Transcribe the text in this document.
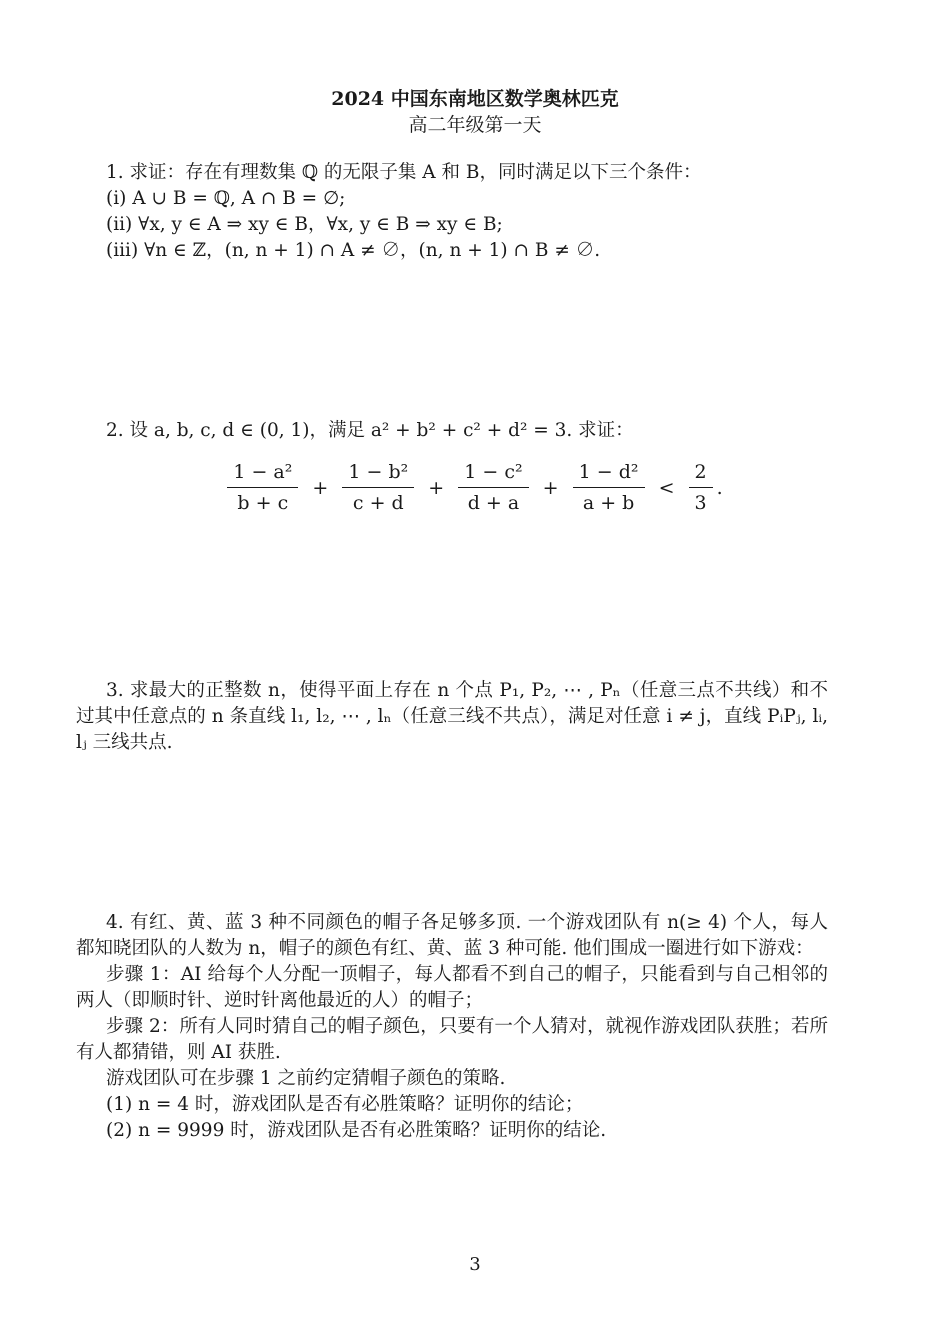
2024 中国东南地区数学奥林匹克
高二年级第一天

1. 求证：存在有理数集 ℚ 的无限子集 A 和 B，同时满足以下三个条件：

(i) A ∪ B = ℚ, A ∩ B = ∅;

(ii) ∀x, y ∈ A ⇒ xy ∈ B，∀x, y ∈ B ⇒ xy ∈ B;

(iii) ∀n ∈ ℤ，(n, n + 1) ∩ A ≠ ∅，(n, n + 1) ∩ B ≠ ∅.

2. 设 a, b, c, d ∈ (0, 1)，满足 a² + b² + c² + d² = 3. 求证：

$\frac{\text{1 − a²}}{b + c} + \frac{\text{1 − b²}}{c + d} + \frac{\text{1 − c²}}{d + a} + \frac{\text{1 − d²}}{a + b} < \frac{2}{3}$ .

3. 求最大的正整数 n，使得平面上存在 n 个点 P₁, P₂, ⋯ , Pₙ（任意三点不共线）和不过其中任意点的 n 条直线 l₁, l₂, ⋯ , lₙ（任意三线不共点），满足对任意 i ≠ j，直线 PᵢPⱼ, lᵢ, lⱼ 三线共点.

4. 有红、黄、蓝 3 种不同颜色的帽子各足够多顶. 一个游戏团队有 n(≥ 4) 个人，每人都知晓团队的人数为 n，帽子的颜色有红、黄、蓝 3 种可能. 他们围成一圈进行如下游戏：

步骤 1：AI 给每个人分配一顶帽子，每人都看不到自己的帽子，只能看到与自己相邻的两人（即顺时针、逆时针离他最近的人）的帽子；

步骤 2：所有人同时猜自己的帽子颜色，只要有一个人猜对，就视作游戏团队获胜；若所有人都猜错，则 AI 获胜.

游戏团队可在步骤 1 之前约定猜帽子颜色的策略.

(1) n = 4 时，游戏团队是否有必胜策略？证明你的结论；

(2) n = 9999 时，游戏团队是否有必胜策略？证明你的结论.

3
